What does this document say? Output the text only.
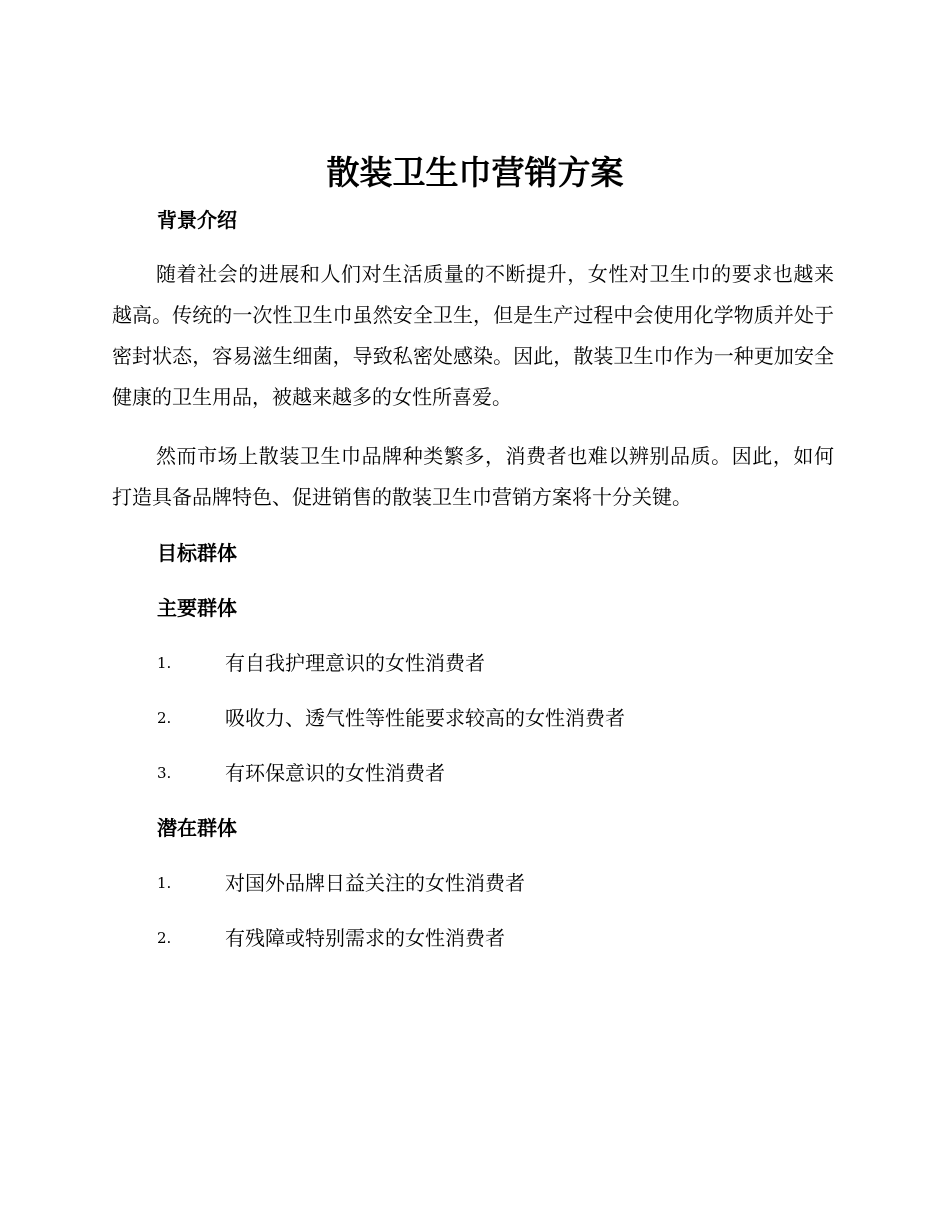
散装卫生巾营销方案
背景介绍

随着社会的进展和人们对生活质量的不断提升，女性对卫生巾的要求也越来越高。传统的一次性卫生巾虽然安全卫生，但是生产过程中会使用化学物质并处于密封状态，容易滋生细菌，导致私密处感染。因此，散装卫生巾作为一种更加安全健康的卫生用品，被越来越多的女性所喜爱。

然而市场上散装卫生巾品牌种类繁多，消费者也难以辨别品质。因此，如何打造具备品牌特色、促进销售的散装卫生巾营销方案将十分关键。

目标群体
主要群体
1.	有自我护理意识的女性消费者
2.	吸收力、透气性等性能要求较高的女性消费者
3.	有环保意识的女性消费者
潜在群体
1.	对国外品牌日益关注的女性消费者
2.	有残障或特别需求的女性消费者
